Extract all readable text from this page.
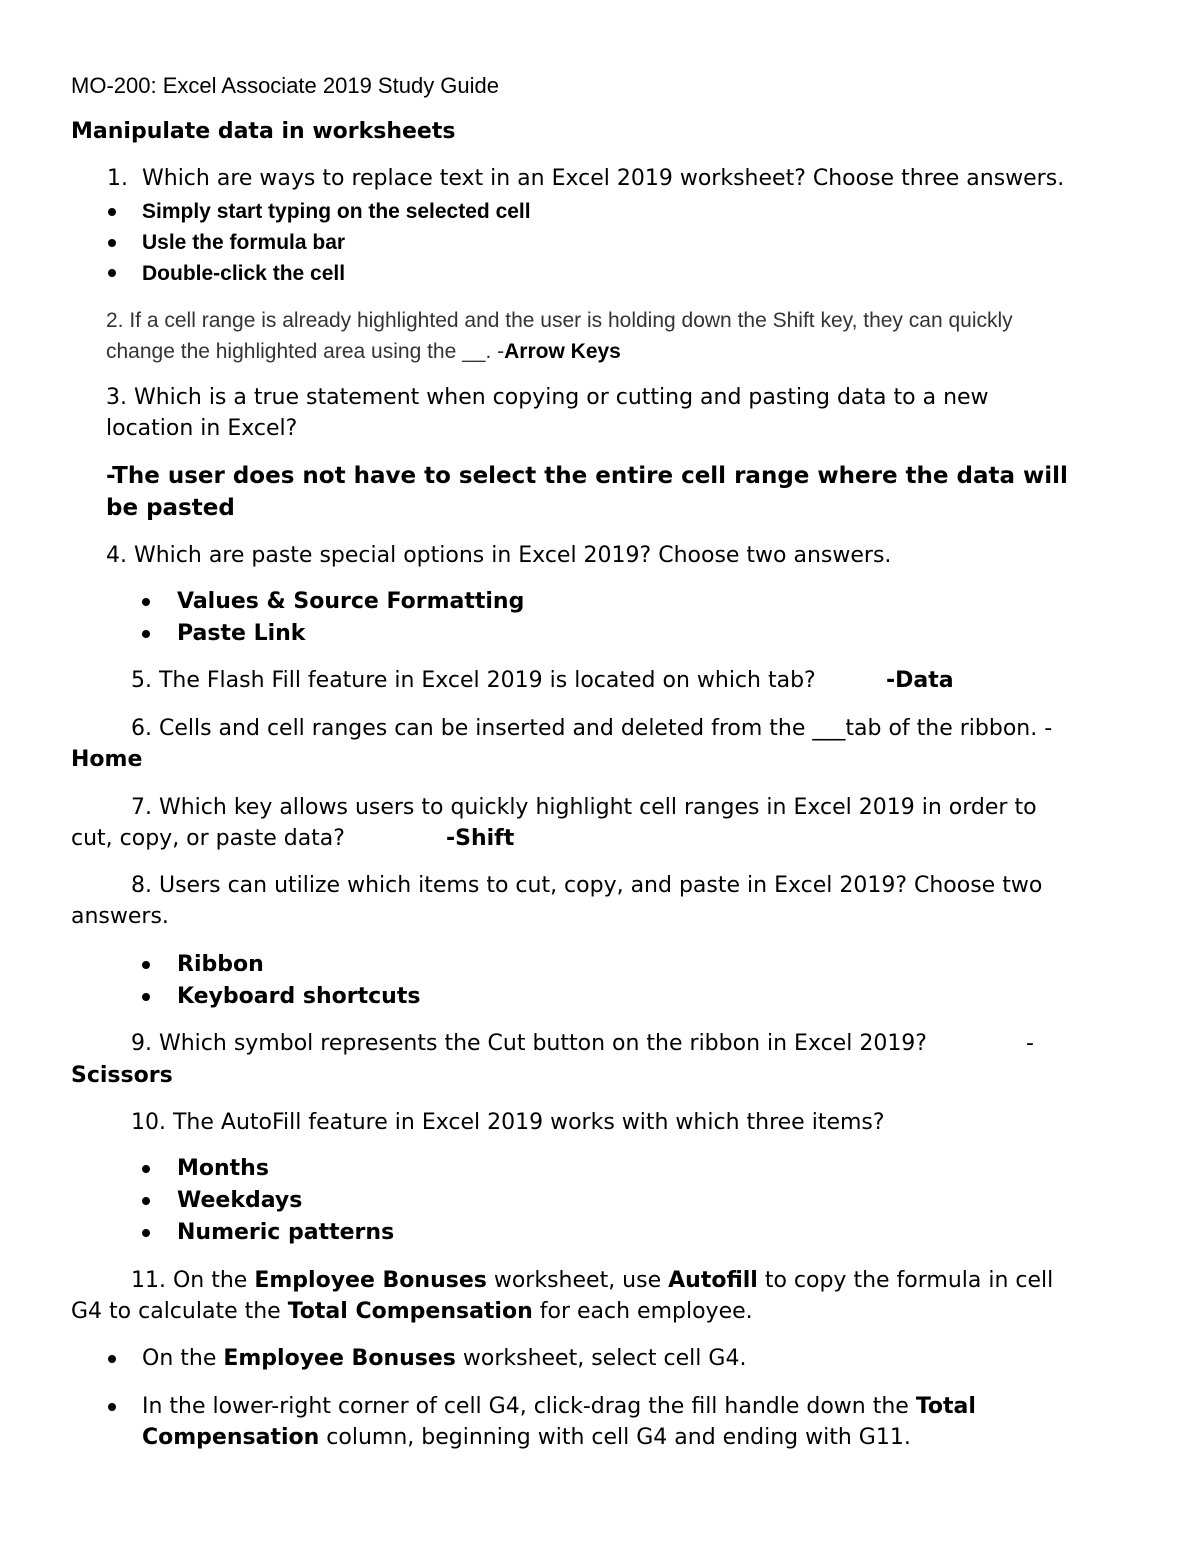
MO-200: Excel Associate 2019 Study Guide
Manipulate data in worksheets
1. Which are ways to replace text in an Excel 2019 worksheet? Choose three answers.
Simply start typing on the selected cell
Usle the formula bar
Double-click the cell
2. If a cell range is already highlighted and the user is holding down the Shift key, they can quickly
change the highlighted area using the __. -Arrow Keys
3. Which is a true statement when copying or cutting and pasting data to a new
location in Excel?
-The user does not have to select the entire cell range where the data will
be pasted
4. Which are paste special options in Excel 2019? Choose two answers.
Values & Source Formatting
Paste Link
5. The Flash Fill feature in Excel 2019 is located on which tab?	-Data
6. Cells and cell ranges can be inserted and deleted from the ___tab of the ribbon. -
Home
7. Which key allows users to quickly highlight cell ranges in Excel 2019 in order to
cut, copy, or paste data?	-Shift
8. Users can utilize which items to cut, copy, and paste in Excel 2019? Choose two
answers.
Ribbon
Keyboard shortcuts
9. Which symbol represents the Cut button on the ribbon in Excel 2019?	-
Scissors
10. The AutoFill feature in Excel 2019 works with which three items?
Months
Weekdays
Numeric patterns
11. On the Employee Bonuses worksheet, use Autofill to copy the formula in cell
G4 to calculate the Total Compensation for each employee.
On the Employee Bonuses worksheet, select cell G4.
In the lower-right corner of cell G4, click-drag the fill handle down the Total
Compensation column, beginning with cell G4 and ending with G11.
